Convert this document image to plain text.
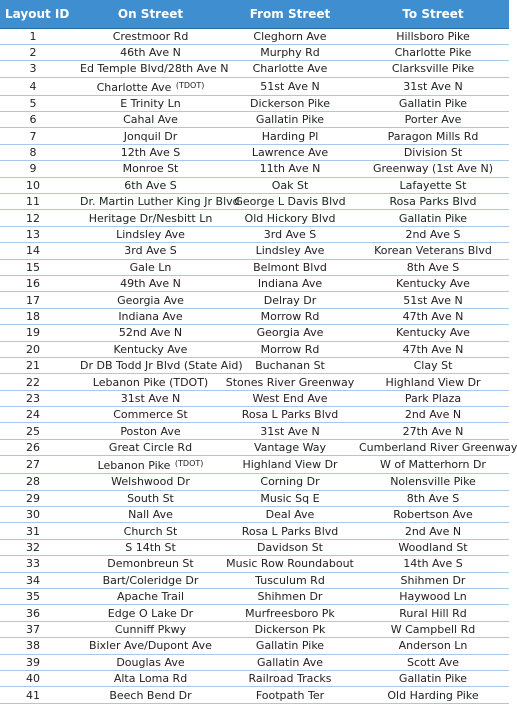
Layout ID	On Street	From Street	To Street
1	Crestmoor Rd	Cleghorn Ave	Hillsboro Pike
2	46th Ave N	Murphy Rd	Charlotte Pike
3	Ed Temple Blvd/28th Ave N	Charlotte Ave	Clarksville Pike
4	Charlotte Ave $^{(TDOT)}$	51st Ave N	31st Ave N
5	E Trinity Ln	Dickerson Pike	Gallatin Pike
6	Cahal Ave	Gallatin Pike	Porter Ave
7	Jonquil Dr	Harding Pl	Paragon Mills Rd
8	12th Ave S	Lawrence Ave	Division St
9	Monroe St	11th Ave N	Greenway (1st Ave N)
10	6th Ave S	Oak St	Lafayette St
11	Dr. Martin Luther King Jr Blvd	George L Davis Blvd	Rosa Parks Blvd
12	Heritage Dr/Nesbitt Ln	Old Hickory Blvd	Gallatin Pike
13	Lindsley Ave	3rd Ave S	2nd Ave S
14	3rd Ave S	Lindsley Ave	Korean Veterans Blvd
15	Gale Ln	Belmont Blvd	8th Ave S
16	49th Ave N	Indiana Ave	Kentucky Ave
17	Georgia Ave	Delray Dr	51st Ave N
18	Indiana Ave	Morrow Rd	47th Ave N
19	52nd Ave N	Georgia Ave	Kentucky Ave
20	Kentucky Ave	Morrow Rd	47th Ave N
21	Dr DB Todd Jr Blvd (State Aid)	Buchanan St	Clay St
22	Lebanon Pike (TDOT)	Stones River Greenway	Highland View Dr
23	31st Ave N	West End Ave	Park Plaza
24	Commerce St	Rosa L Parks Blvd	2nd Ave N
25	Poston Ave	31st Ave N	27th Ave N
26	Great Circle Rd	Vantage Way	Cumberland River Greenway
27	Lebanon Pike $^{(TDOT)}$	Highland View Dr	W of Matterhorn Dr
28	Welshwood Dr	Corning Dr	Nolensville Pike
29	South St	Music Sq E	8th Ave S
30	Nall Ave	Deal Ave	Robertson Ave
31	Church St	Rosa L Parks Blvd	2nd Ave N
32	S 14th St	Davidson St	Woodland St
33	Demonbreun St	Music Row Roundabout	14th Ave S
34	Bart/Coleridge Dr	Tusculum Rd	Shihmen Dr
35	Apache Trail	Shihmen Dr	Haywood Ln
36	Edge O Lake Dr	Murfreesboro Pk	Rural Hill Rd
37	Cunniff Pkwy	Dickerson Pk	W Campbell Rd
38	Bixler Ave/Dupont Ave	Gallatin Pike	Anderson Ln
39	Douglas Ave	Gallatin Ave	Scott Ave
40	Alta Loma Rd	Railroad Tracks	Gallatin Pike
41	Beech Bend Dr	Footpath Ter	Old Harding Pike
